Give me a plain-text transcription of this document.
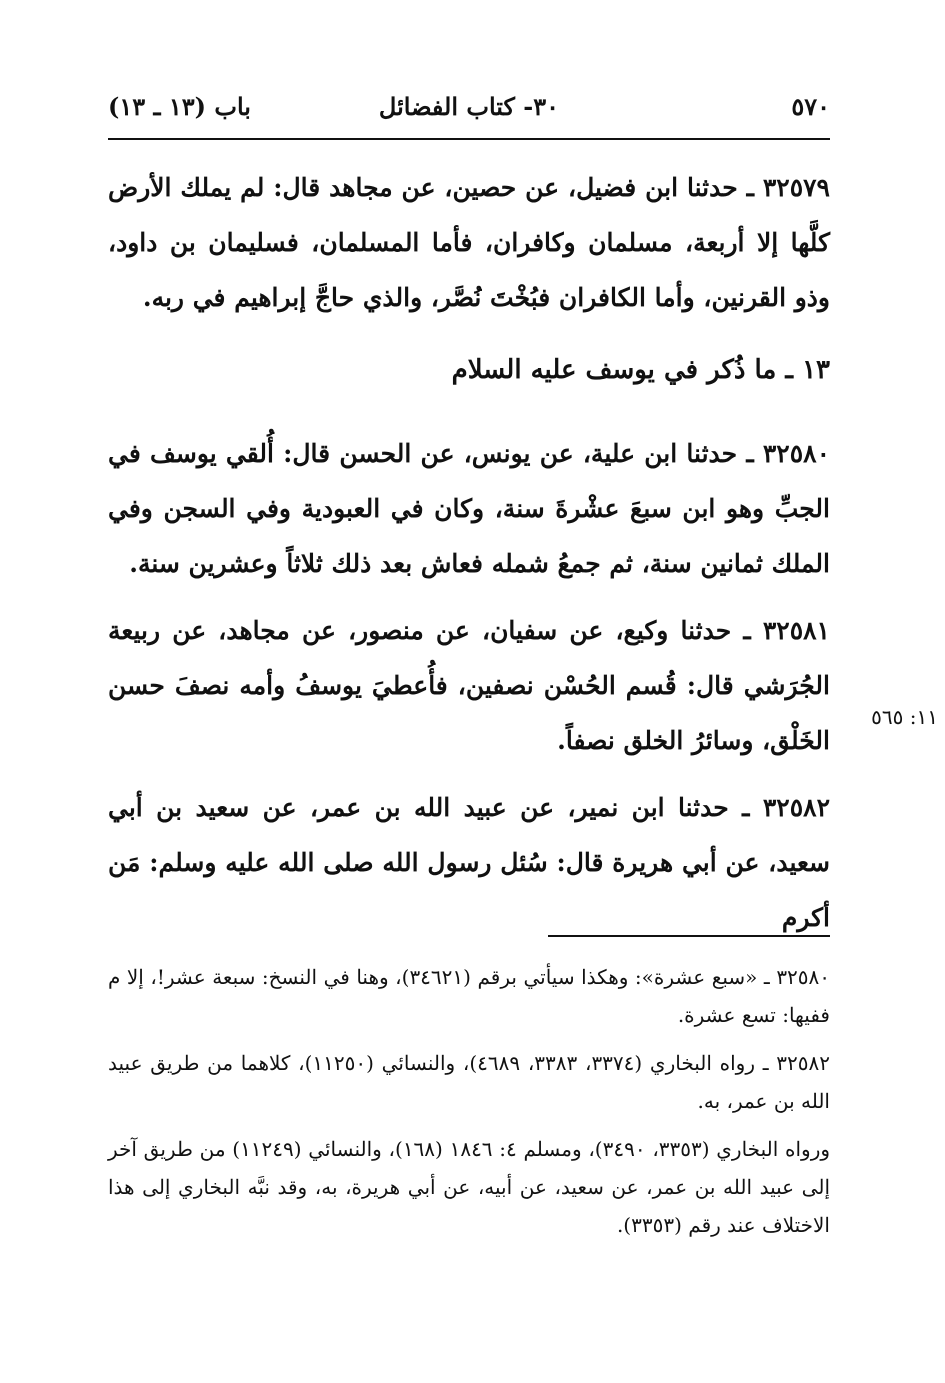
٥٧٠
٣٠- كتاب الفضائل
باب (١٣ ـ ١٣)

٣٢٥٧٩ ـ حدثنا ابن فضيل، عن حصين، عن مجاهد قال: لم يملك الأرض كلَّها إلا أربعة، مسلمان وكافران، فأما المسلمان، فسليمان بن داود، وذو القرنين، وأما الكافران فبُخْتَ نُصَّر، والذي حاجَّ إبراهيم في ربه.

١٣ ـ ما ذُكر في يوسف عليه السلام

٣٢٥٨٠ ـ حدثنا ابن علية، عن يونس، عن الحسن قال: أُلقي يوسف في الجبِّ وهو ابن سبعَ عشْرةَ سنة، وكان في العبودية وفي السجن وفي الملك ثمانين سنة، ثم جمعُ شمله فعاش بعد ذلك ثلاثاً وعشرين سنة.

٣٢٥٨١ ـ حدثنا وكيع، عن سفيان، عن منصور، عن مجاهد، عن ربيعة الجُرَشي قال: قُسم الحُسْن نصفين، فأُعطيَ يوسفُ وأمه نصفَ حسن الخَلْق، وسائرُ الخلق نصفاً.

٣٢٥٨٢ ـ حدثنا ابن نمير، عن عبيد الله بن عمر، عن سعيد بن أبي سعيد، عن أبي هريرة قال: سُئل رسول الله صلى الله عليه وسلم: مَن أكرم

١١: ٥٦٥

٣٢٥٨٠ ـ «سبع عشرة»: وهكذا سيأتي برقم (٣٤٦٢١)، وهنا في النسخ: سبعة عشر!، إلا م ففيها: تسع عشرة.

٣٢٥٨٢ ـ رواه البخاري (٣٣٧٤، ٣٣٨٣، ٤٦٨٩)، والنسائي (١١٢٥٠)، كلاهما من طريق عبيد الله بن عمر، به.

ورواه البخاري (٣٣٥٣، ٣٤٩٠)، ومسلم ٤: ١٨٤٦ (١٦٨)، والنسائي (١١٢٤٩) من طريق آخر إلى عبيد الله بن عمر، عن سعيد، عن أبيه، عن أبي هريرة، به، وقد نبَّه البخاري إلى هذا الاختلاف عند رقم (٣٣٥٣).
